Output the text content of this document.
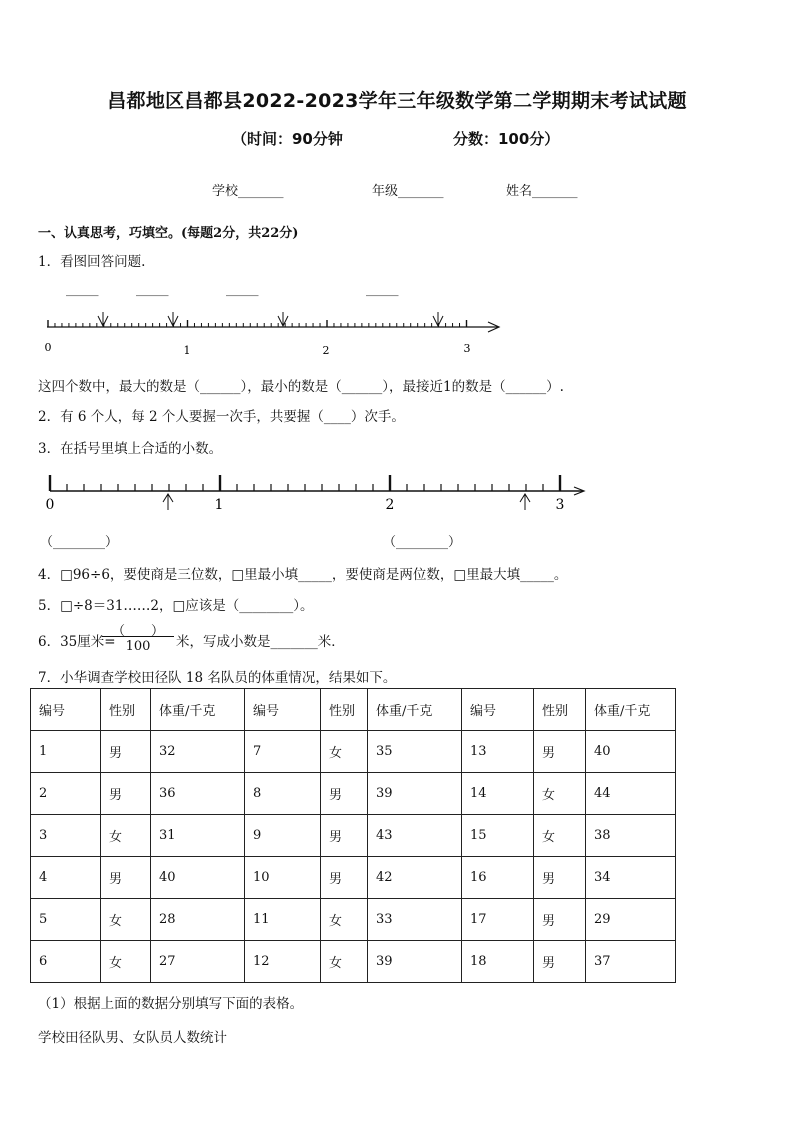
昌都地区昌都县2022-2023学年三年级数学第二学期期末考试试题
（时间：90分钟	分数：100分）
学校_______	年级_______	姓名_______
一、认真思考，巧填空。(每题2分，共22分)
1．看图回答问题.
_____	_____	_____	_____
0	1	2	3
这四个数中，最大的数是（______），最小的数是（______），最接近1的数是（______）.
2．有 6 个人，每 2 个人要握一次手，共要握（____）次手。
3．在括号里填上合适的小数。
0	1	2	3
（________）	（________）
4．□96÷6，要使商是三位数，□里最小填_____，要使商是两位数，□里最大填_____。
5．□÷8＝31……2，□应该是（________）。
6．35厘米=
（　　）
100	米，写成小数是_______米．
7．小华调查学校田径队 18 名队员的体重情况，结果如下。
编号	性别	体重/千克	编号	性别	体重/千克	编号	性别	体重/千克
1	男	32	7	女	35	13	男	40
2	男	36	8	男	39	14	女	44
3	女	31	9	男	43	15	女	38
4	男	40	10	男	42	16	男	34
5	女	28	11	女	33	17	男	29
6	女	27	12	女	39	18	男	37
（1）根据上面的数据分别填写下面的表格。
学校田径队男、女队员人数统计
